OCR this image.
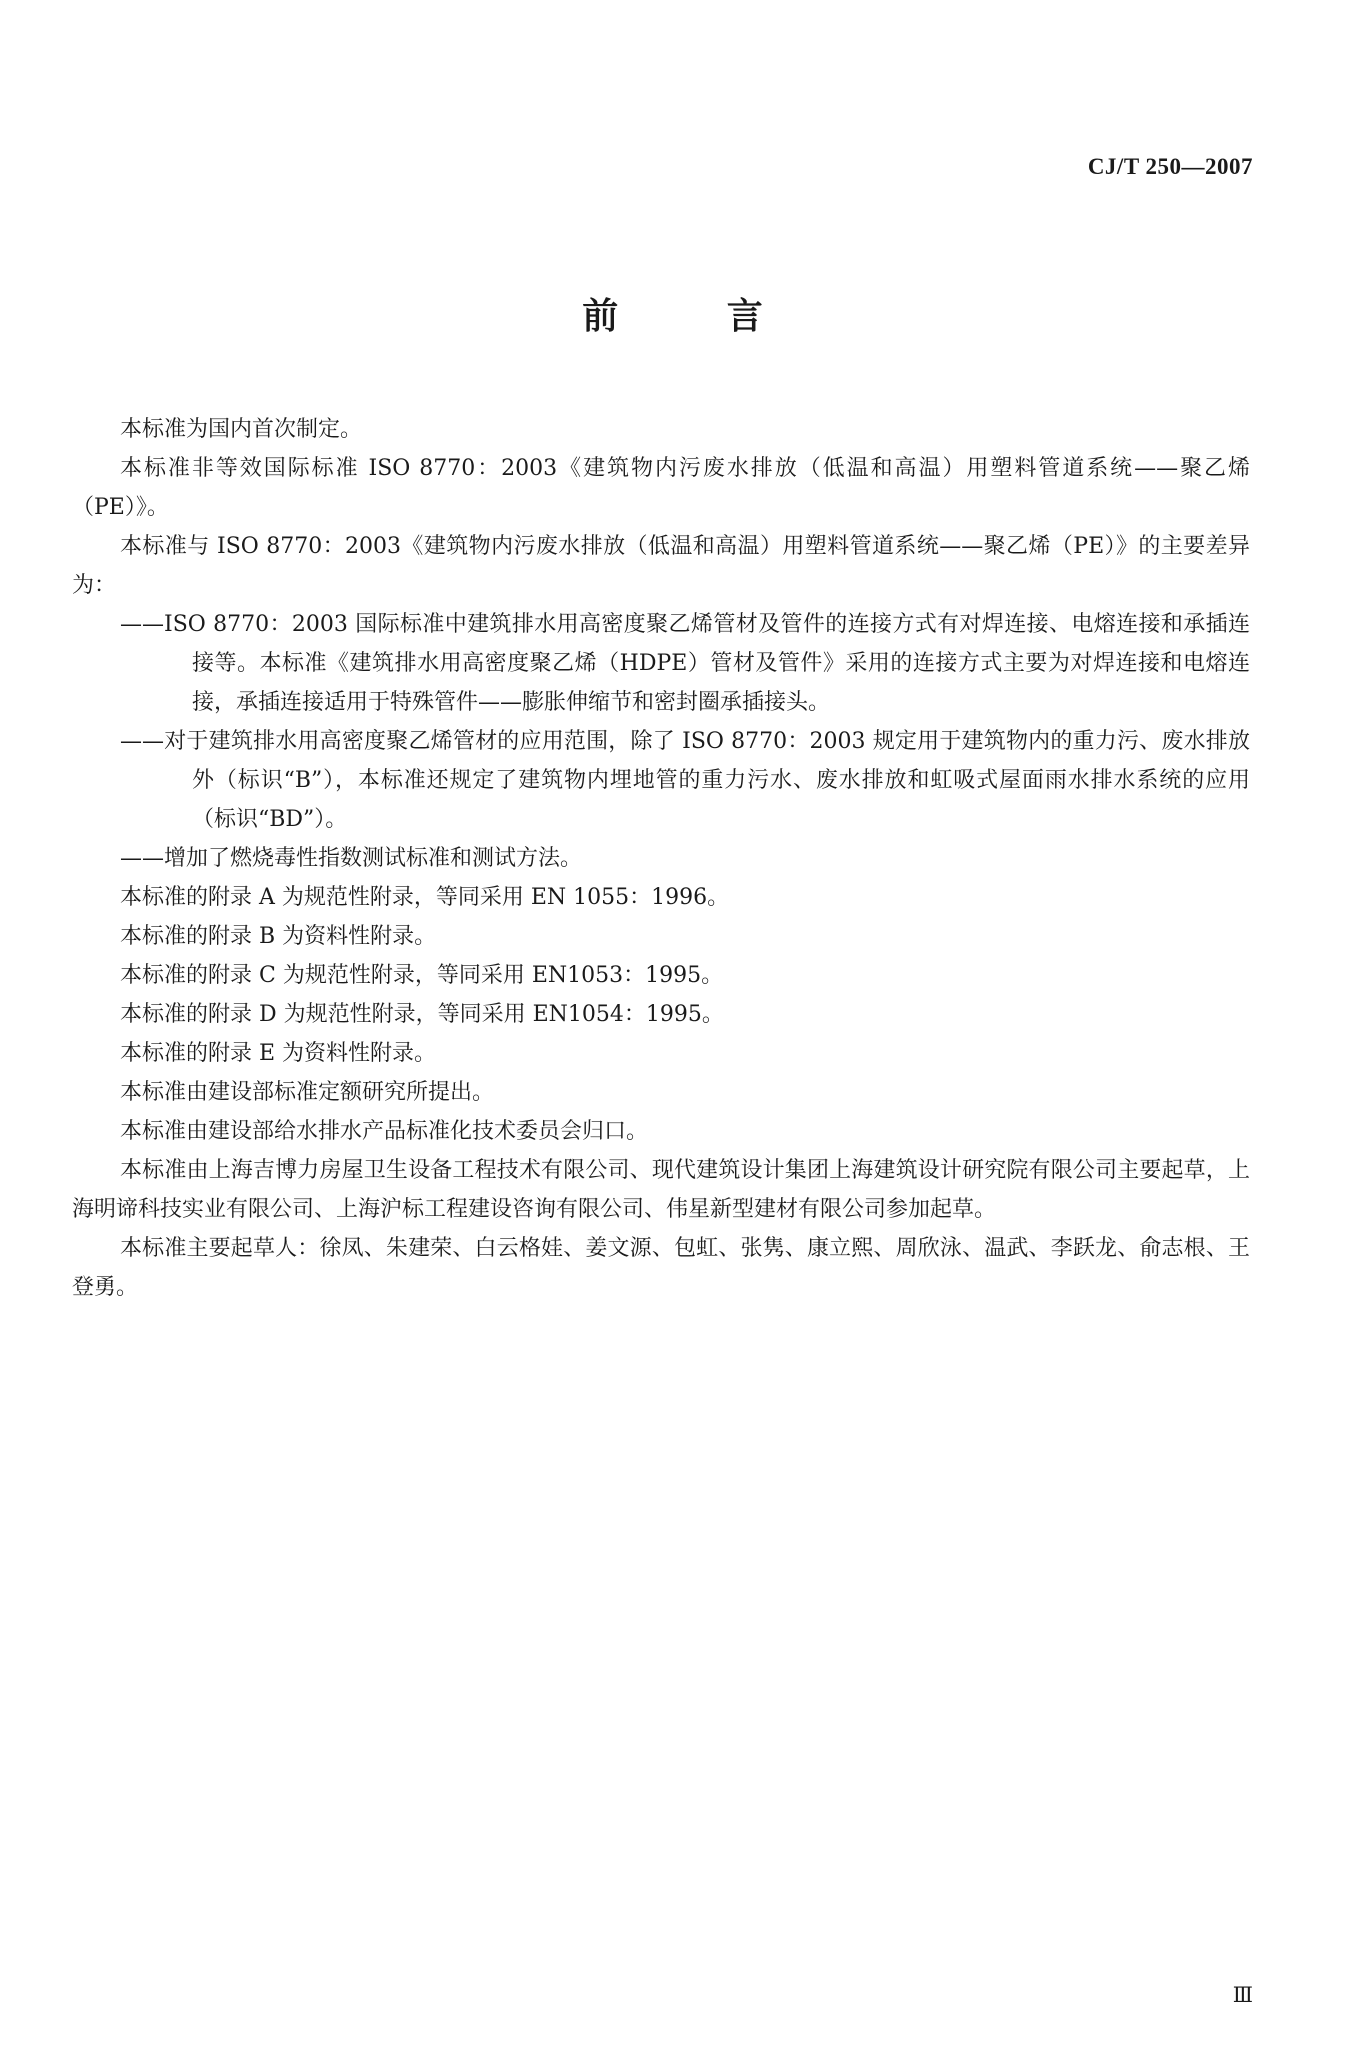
CJ/T 250—2007
前 言

本标准为国内首次制定。

本标准非等效国际标准 ISO 8770：2003《建筑物内污废水排放（低温和高温）用塑料管道系统——聚乙烯（PE）》。

本标准与 ISO 8770：2003《建筑物内污废水排放（低温和高温）用塑料管道系统——聚乙烯（PE）》的主要差异为：

——ISO 8770：2003 国际标准中建筑排水用高密度聚乙烯管材及管件的连接方式有对焊连接、电熔连接和承插连接等。本标准《建筑排水用高密度聚乙烯（HDPE）管材及管件》采用的连接方式主要为对焊连接和电熔连接，承插连接适用于特殊管件——膨胀伸缩节和密封圈承插接头。

——对于建筑排水用高密度聚乙烯管材的应用范围，除了 ISO 8770：2003 规定用于建筑物内的重力污、废水排放外（标识“B”），本标准还规定了建筑物内埋地管的重力污水、废水排放和虹吸式屋面雨水排水系统的应用（标识“BD”）。

——增加了燃烧毒性指数测试标准和测试方法。

本标准的附录 A 为规范性附录，等同采用 EN 1055：1996。

本标准的附录 B 为资料性附录。

本标准的附录 C 为规范性附录，等同采用 EN1053：1995。

本标准的附录 D 为规范性附录，等同采用 EN1054：1995。

本标准的附录 E 为资料性附录。

本标准由建设部标准定额研究所提出。

本标准由建设部给水排水产品标准化技术委员会归口。

本标准由上海吉博力房屋卫生设备工程技术有限公司、现代建筑设计集团上海建筑设计研究院有限公司主要起草，上海明谛科技实业有限公司、上海沪标工程建设咨询有限公司、伟星新型建材有限公司参加起草。

本标准主要起草人：徐凤、朱建荣、白云格娃、姜文源、包虹、张隽、康立熙、周欣泳、温武、李跃龙、俞志根、王登勇。

Ⅲ
